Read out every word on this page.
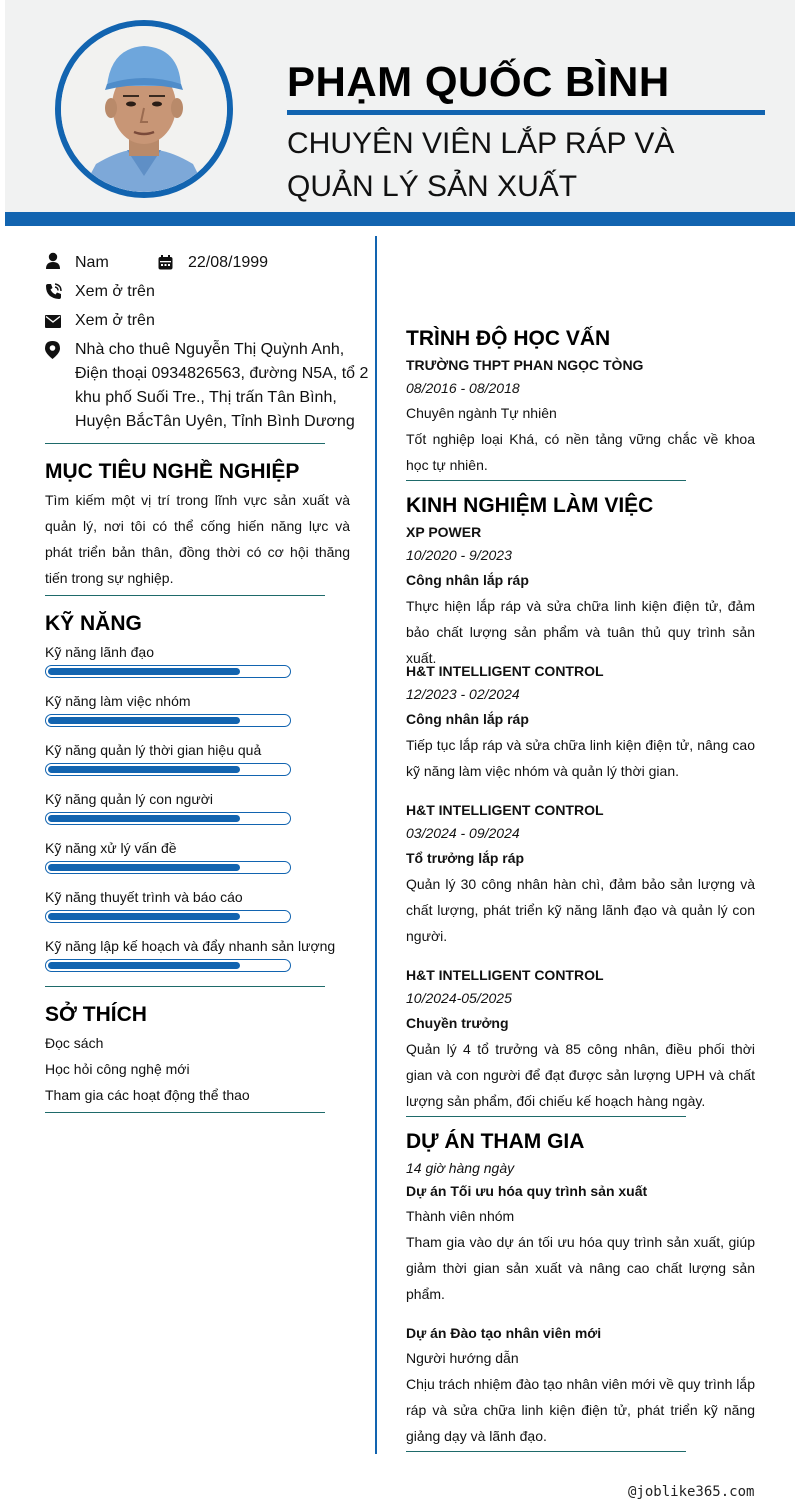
PHẠM QUỐC BÌNH
CHUYÊN VIÊN LẮP RÁP VÀ QUẢN LÝ SẢN XUẤT
Nam	22/08/1999
Xem ở trên
Xem ở trên
Nhà cho thuê Nguyễn Thị Quỳnh Anh, Điện thoại 0934826563, đường N5A, tổ 2 khu phố Suối Tre., Thị trấn Tân Bình, Huyện BắcTân Uyên, Tỉnh Bình Dương
MỤC TIÊU NGHỀ NGHIỆP
Tìm kiếm một vị trí trong lĩnh vực sản xuất và quản lý, nơi tôi có thể cống hiến năng lực và phát triển bản thân, đồng thời có cơ hội thăng tiến trong sự nghiệp.
KỸ NĂNG
Kỹ năng lãnh đạo
Kỹ năng làm việc nhóm
Kỹ năng quản lý thời gian hiệu quả
Kỹ năng quản lý con người
Kỹ năng xử lý vấn đề
Kỹ năng thuyết trình và báo cáo
Kỹ năng lập kế hoạch và đẩy nhanh sản lượng
SỞ THÍCH
Đọc sách
Học hỏi công nghệ mới
Tham gia các hoạt động thể thao
TRÌNH ĐỘ HỌC VẤN
TRƯỜNG THPT PHAN NGỌC TÒNG
08/2016 - 08/2018
Chuyên ngành Tự nhiên
Tốt nghiệp loại Khá, có nền tảng vững chắc về khoa học tự nhiên.
KINH NGHIỆM LÀM VIỆC
XP POWER
10/2020 - 9/2023
Công nhân lắp ráp
Thực hiện lắp ráp và sửa chữa linh kiện điện tử, đảm bảo chất lượng sản phẩm và tuân thủ quy trình sản xuất.
H&T INTELLIGENT CONTROL
12/2023 - 02/2024
Công nhân lắp ráp
Tiếp tục lắp ráp và sửa chữa linh kiện điện tử, nâng cao kỹ năng làm việc nhóm và quản lý thời gian.
H&T INTELLIGENT CONTROL
03/2024 - 09/2024
Tổ trưởng lắp ráp
Quản lý 30 công nhân hàn chì, đảm bảo sản lượng và chất lượng, phát triển kỹ năng lãnh đạo và quản lý con người.
H&T INTELLIGENT CONTROL
10/2024-05/2025
Chuyền trưởng
Quản lý 4 tổ trưởng và 85 công nhân, điều phối thời gian và con người để đạt được sản lượng UPH và chất lượng sản phẩm, đối chiếu kế hoạch hàng ngày.
DỰ ÁN THAM GIA
14 giờ hàng ngày
Dự án Tối ưu hóa quy trình sản xuất
Thành viên nhóm
Tham gia vào dự án tối ưu hóa quy trình sản xuất, giúp giảm thời gian sản xuất và nâng cao chất lượng sản phẩm.
Dự án Đào tạo nhân viên mới
Người hướng dẫn
Chịu trách nhiệm đào tạo nhân viên mới về quy trình lắp ráp và sửa chữa linh kiện điện tử, phát triển kỹ năng giảng dạy và lãnh đạo.
@joblike365.com
